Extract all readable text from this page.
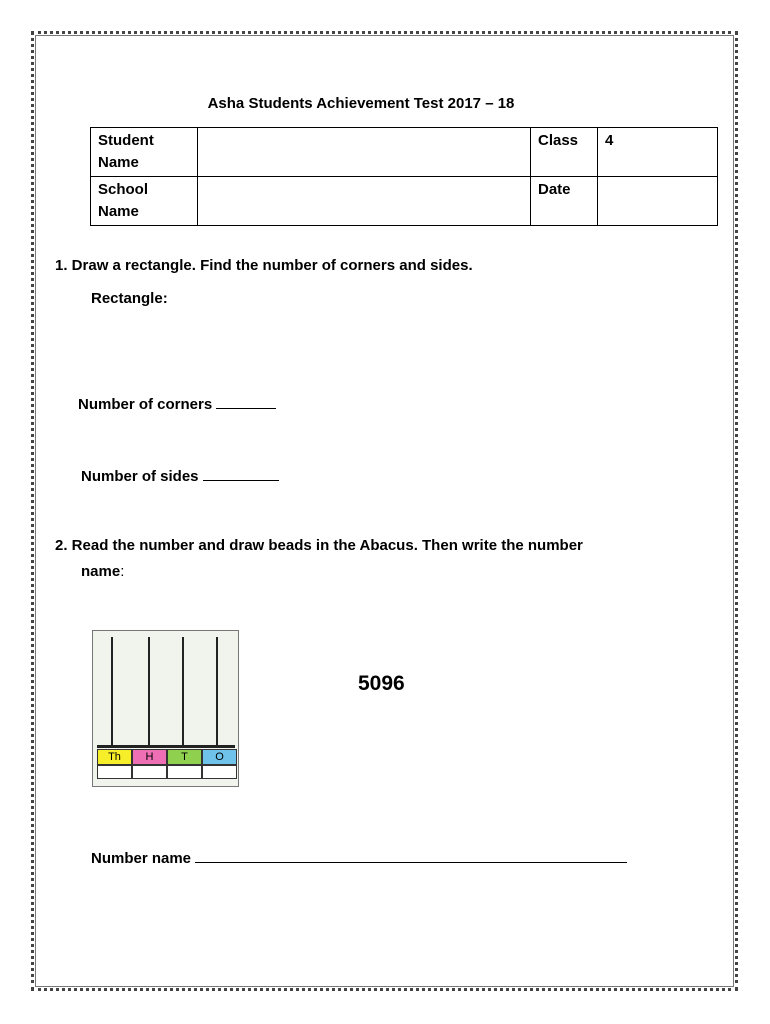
Asha Students Achievement Test 2017 – 18
Student Name		Class	4
School Name		Date	
1. Draw a rectangle. Find the number of corners and sides.
Rectangle:
Number of corners
Number of sides
2. Read the number and draw beads in the Abacus. Then write the number
name:
Th	H	T	O
5096
Number name
